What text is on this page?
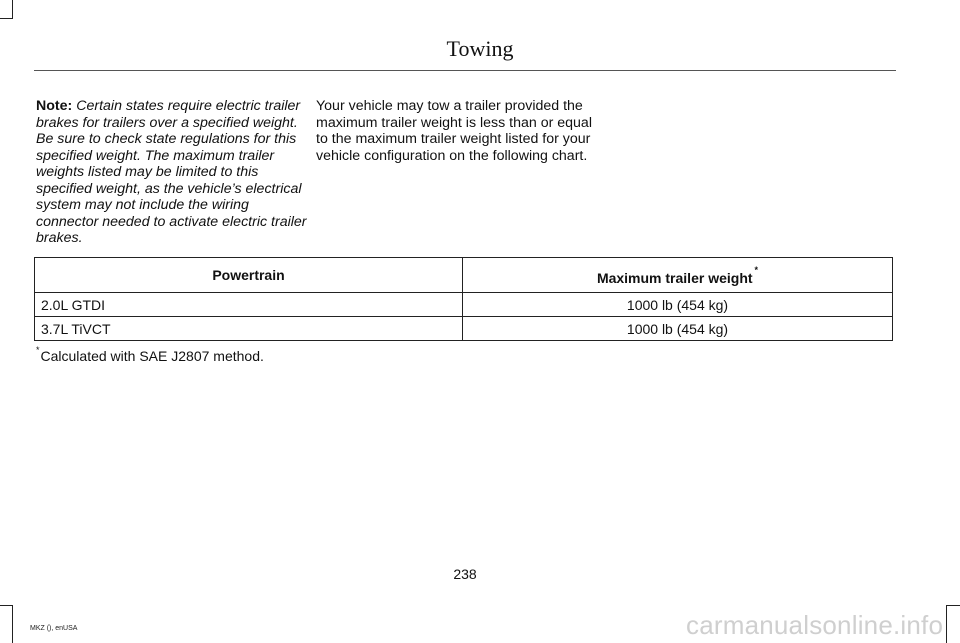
Towing
Note: Certain states require electric trailer brakes for trailers over a specified weight. Be sure to check state regulations for this specified weight. The maximum trailer weights listed may be limited to this specified weight, as the vehicle’s electrical system may not include the wiring connector needed to activate electric trailer brakes.
Your vehicle may tow a trailer provided the maximum trailer weight is less than or equal to the maximum trailer weight listed for your vehicle configuration on the following chart.
Powertrain	Maximum trailer weight *
2.0L GTDI	1000 lb (454 kg)
3.7L TiVCT	1000 lb (454 kg)
*Calculated with SAE J2807 method.
238
MKZ (), enUSA	carmanualsonline.info
